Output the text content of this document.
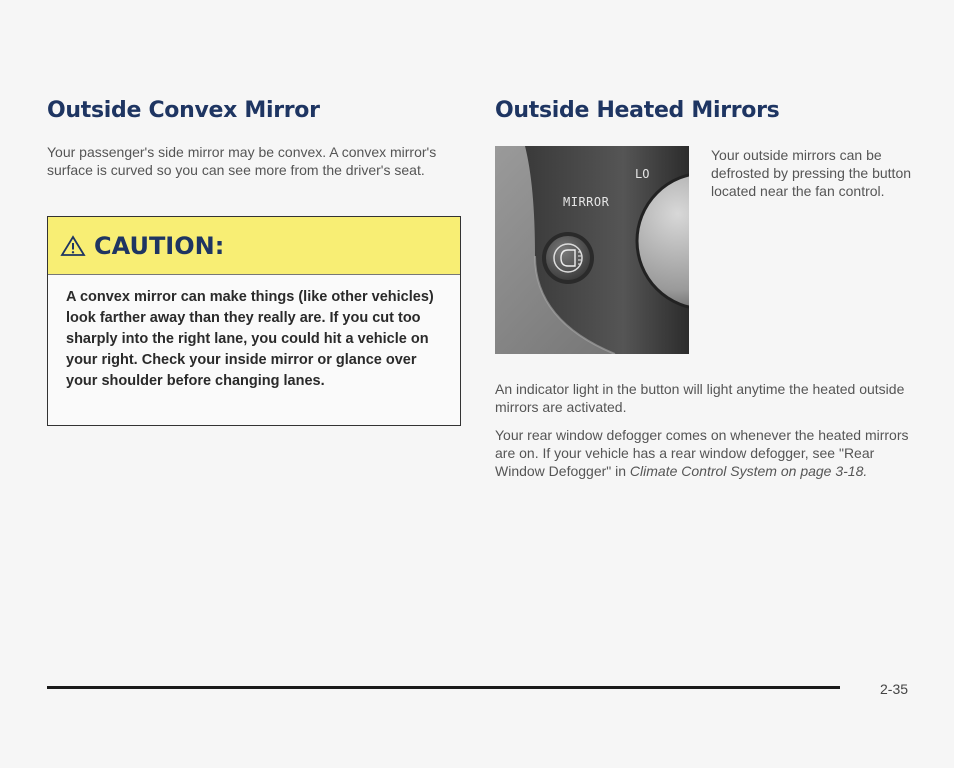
Outside Convex Mirror

Your passenger's side mirror may be convex. A convex mirror's surface is curved so you can see more from the driver's seat.

CAUTION:
A convex mirror can make things (like other vehicles) look farther away than they really are. If you cut too sharply into the right lane, you could hit a vehicle on your right. Check your inside mirror or glance over your shoulder before changing lanes.
Outside Heated Mirrors
LO
MIRROR

Your outside mirrors can be defrosted by pressing the button located near the fan control.

An indicator light in the button will light anytime the heated outside mirrors are activated.

Your rear window defogger comes on whenever the heated mirrors are on. If your vehicle has a rear window defogger, see "Rear Window Defogger" in Climate Control System on page 3-18.

2-35
